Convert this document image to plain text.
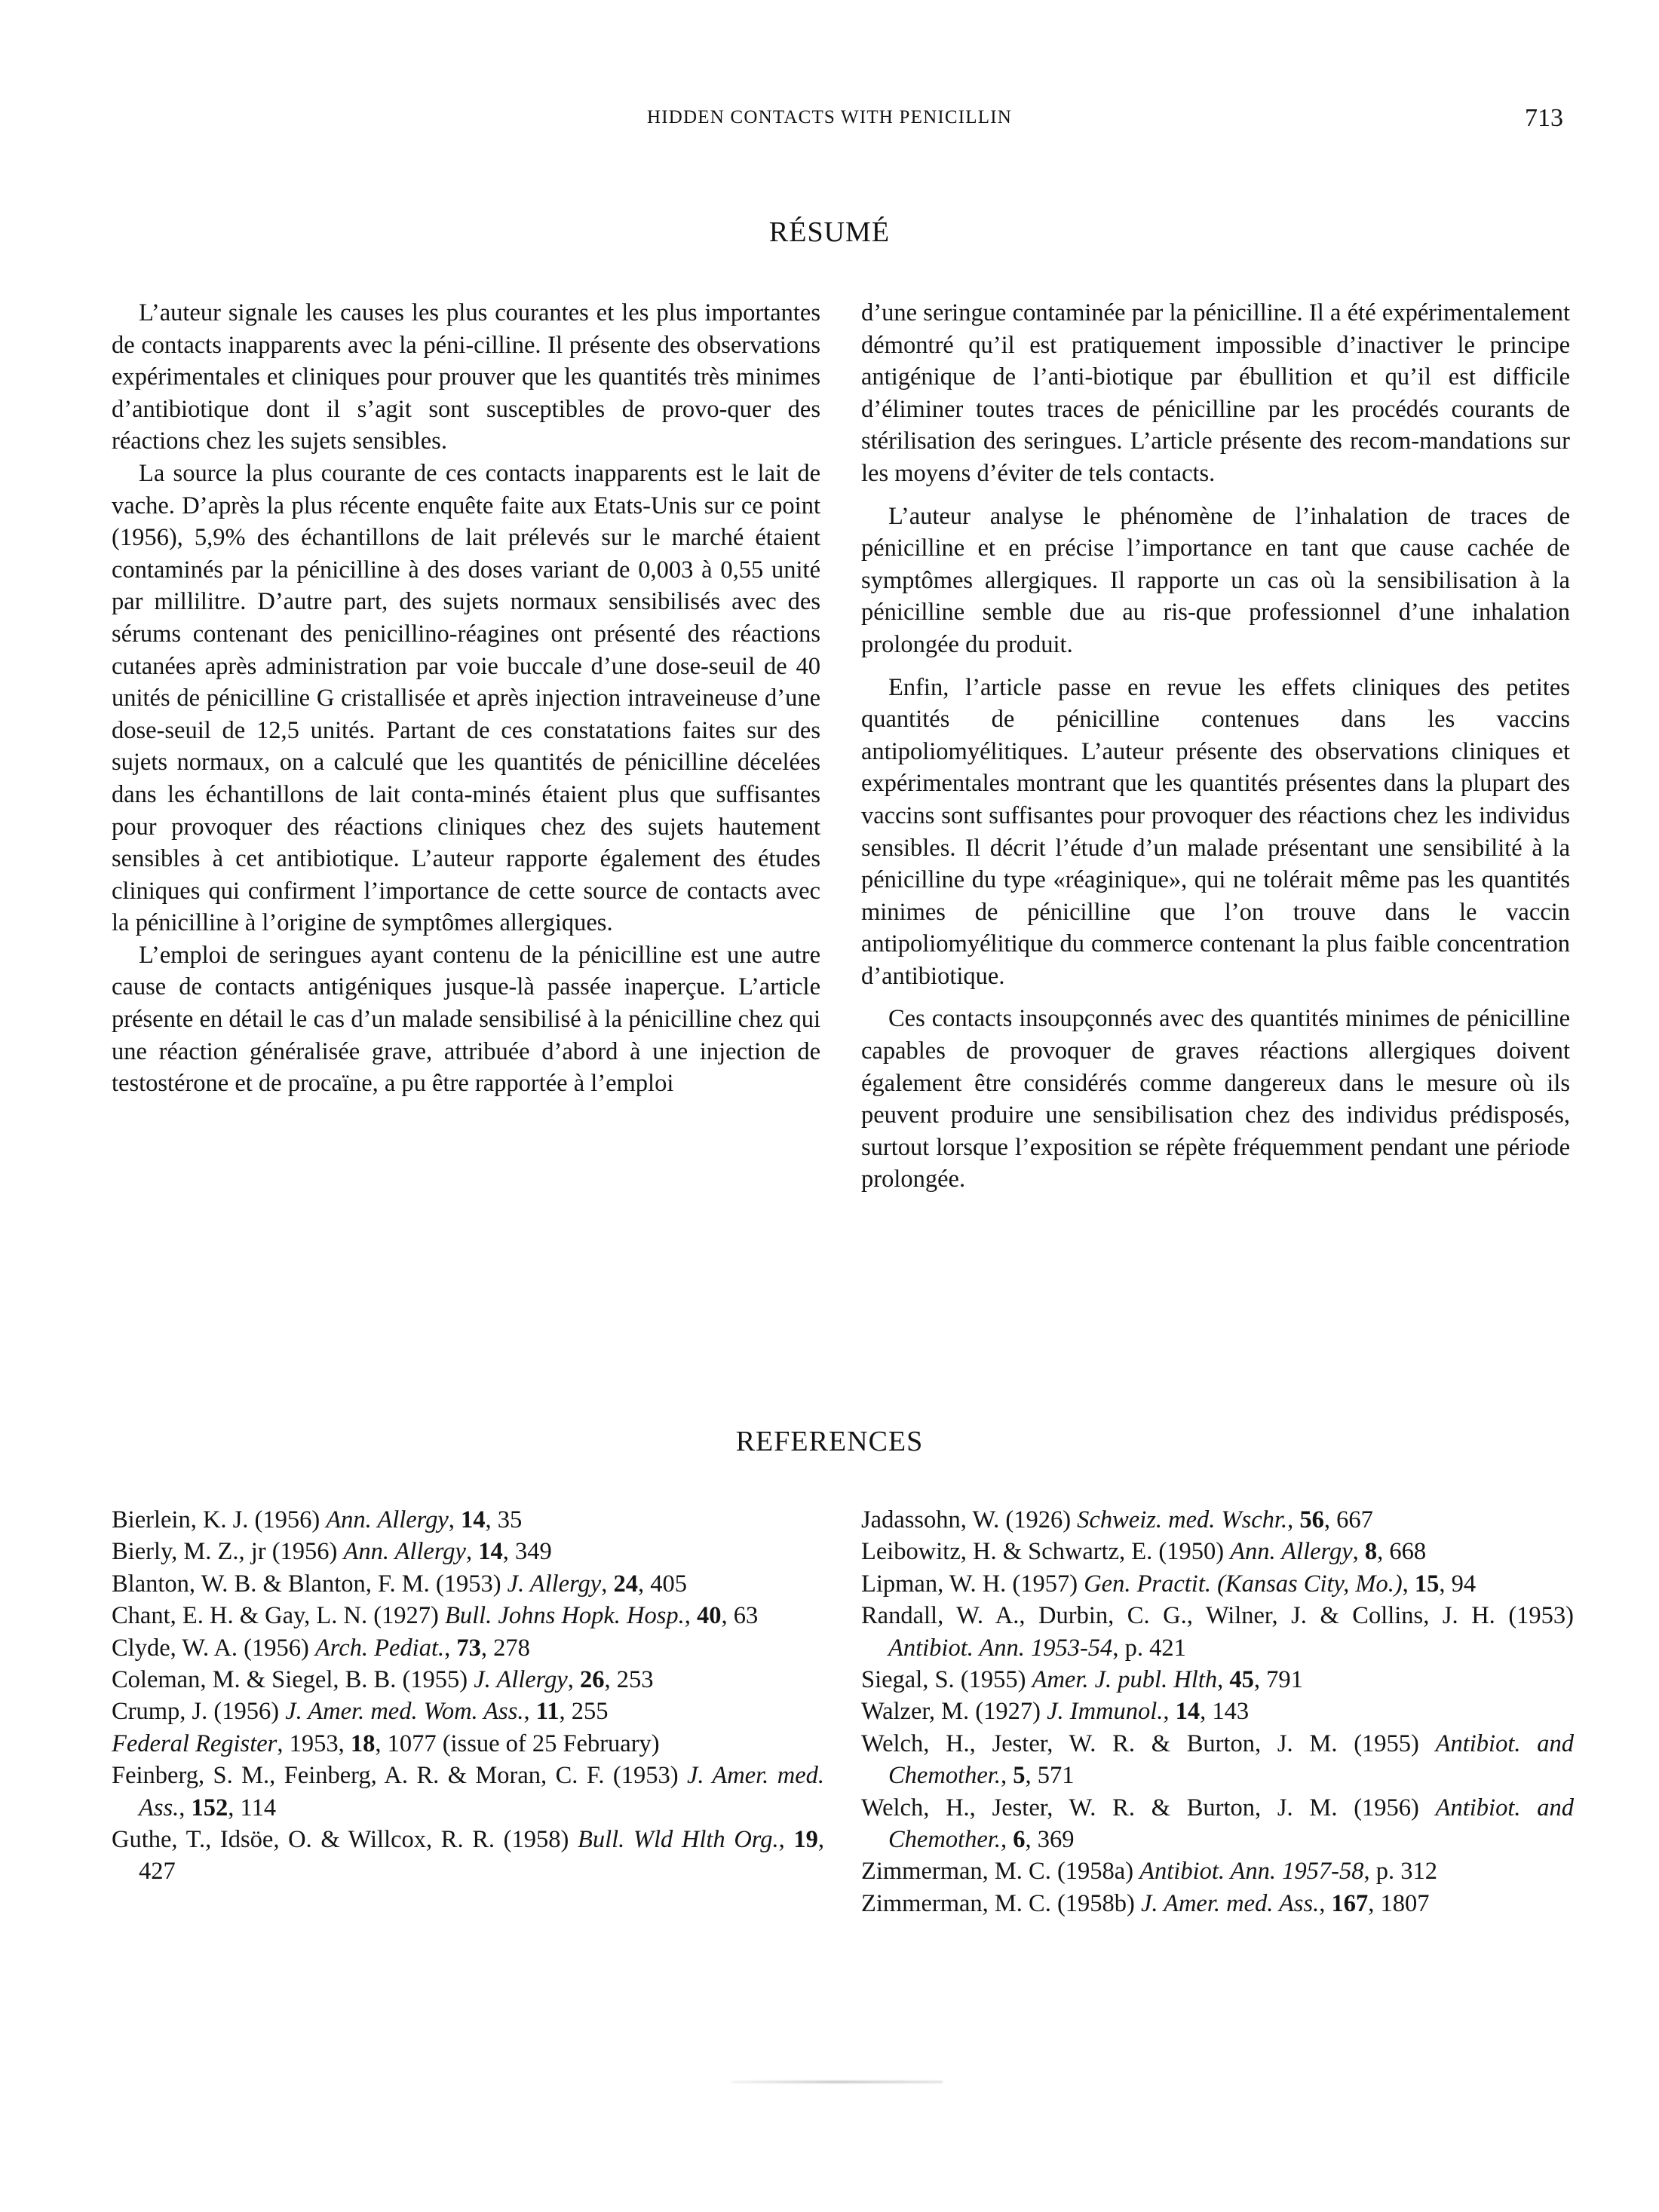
HIDDEN CONTACTS WITH PENICILLIN	713
RÉSUMÉ

L’auteur signale les causes les plus courantes et les plus importantes de contacts inapparents avec la péni-cilline. Il présente des observations expérimentales et cliniques pour prouver que les quantités très minimes d’antibiotique dont il s’agit sont susceptibles de provo-quer des réactions chez les sujets sensibles.

La source la plus courante de ces contacts inapparents est le lait de vache. D’après la plus récente enquête faite aux Etats-Unis sur ce point (1956), 5,9% des échantillons de lait prélevés sur le marché étaient contaminés par la pénicilline à des doses variant de 0,003 à 0,55 unité par millilitre. D’autre part, des sujets normaux sensibilisés avec des sérums contenant des penicillino-réagines ont présenté des réactions cutanées après administration par voie buccale d’une dose-seuil de 40 unités de pénicilline G cristallisée et après injection intraveineuse d’une dose-seuil de 12,5 unités. Partant de ces constatations faites sur des sujets normaux, on a calculé que les quantités de pénicilline décelées dans les échantillons de lait conta-minés étaient plus que suffisantes pour provoquer des réactions cliniques chez des sujets hautement sensibles à cet antibiotique. L’auteur rapporte également des études cliniques qui confirment l’importance de cette source de contacts avec la pénicilline à l’origine de symptômes allergiques.

L’emploi de seringues ayant contenu de la pénicilline est une autre cause de contacts antigéniques jusque-là passée inaperçue. L’article présente en détail le cas d’un malade sensibilisé à la pénicilline chez qui une réaction généralisée grave, attribuée d’abord à une injection de testostérone et de procaïne, a pu être rapportée à l’emploi

d’une seringue contaminée par la pénicilline. Il a été expérimentalement démontré qu’il est pratiquement impossible d’inactiver le principe antigénique de l’anti-biotique par ébullition et qu’il est difficile d’éliminer toutes traces de pénicilline par les procédés courants de stérilisation des seringues. L’article présente des recom-mandations sur les moyens d’éviter de tels contacts.

L’auteur analyse le phénomène de l’inhalation de traces de pénicilline et en précise l’importance en tant que cause cachée de symptômes allergiques. Il rapporte un cas où la sensibilisation à la pénicilline semble due au ris-que professionnel d’une inhalation prolongée du produit.

Enfin, l’article passe en revue les effets cliniques des petites quantités de pénicilline contenues dans les vaccins antipoliomyélitiques. L’auteur présente des observations cliniques et expérimentales montrant que les quantités présentes dans la plupart des vaccins sont suffisantes pour provoquer des réactions chez les individus sensibles. Il décrit l’étude d’un malade présentant une sensibilité à la pénicilline du type «réaginique», qui ne tolérait même pas les quantités minimes de pénicilline que l’on trouve dans le vaccin antipoliomyélitique du commerce contenant la plus faible concentration d’antibiotique.

Ces contacts insoupçonnés avec des quantités minimes de pénicilline capables de provoquer de graves réactions allergiques doivent également être considérés comme dangereux dans le mesure où ils peuvent produire une sensibilisation chez des individus prédisposés, surtout lorsque l’exposition se répète fréquemment pendant une période prolongée.

REFERENCES
Bierlein, K. J. (1956) Ann. Allergy, 14, 35
Bierly, M. Z., jr (1956) Ann. Allergy, 14, 349
Blanton, W. B. & Blanton, F. M. (1953) J. Allergy, 24, 405
Chant, E. H. & Gay, L. N. (1927) Bull. Johns Hopk. Hosp., 40, 63
Clyde, W. A. (1956) Arch. Pediat., 73, 278
Coleman, M. & Siegel, B. B. (1955) J. Allergy, 26, 253
Crump, J. (1956) J. Amer. med. Wom. Ass., 11, 255
Federal Register, 1953, 18, 1077 (issue of 25 February)
Feinberg, S. M., Feinberg, A. R. & Moran, C. F. (1953) J. Amer. med. Ass., 152, 114
Guthe, T., Idsöe, O. & Willcox, R. R. (1958) Bull. Wld Hlth Org., 19, 427
Jadassohn, W. (1926) Schweiz. med. Wschr., 56, 667
Leibowitz, H. & Schwartz, E. (1950) Ann. Allergy, 8, 668
Lipman, W. H. (1957) Gen. Practit. (Kansas City, Mo.), 15, 94
Randall, W. A., Durbin, C. G., Wilner, J. & Collins, J. H. (1953) Antibiot. Ann. 1953-54, p. 421
Siegal, S. (1955) Amer. J. publ. Hlth, 45, 791
Walzer, M. (1927) J. Immunol., 14, 143
Welch, H., Jester, W. R. & Burton, J. M. (1955) Antibiot. and Chemother., 5, 571
Welch, H., Jester, W. R. & Burton, J. M. (1956) Antibiot. and Chemother., 6, 369
Zimmerman, M. C. (1958a) Antibiot. Ann. 1957-58, p. 312
Zimmerman, M. C. (1958b) J. Amer. med. Ass., 167, 1807
